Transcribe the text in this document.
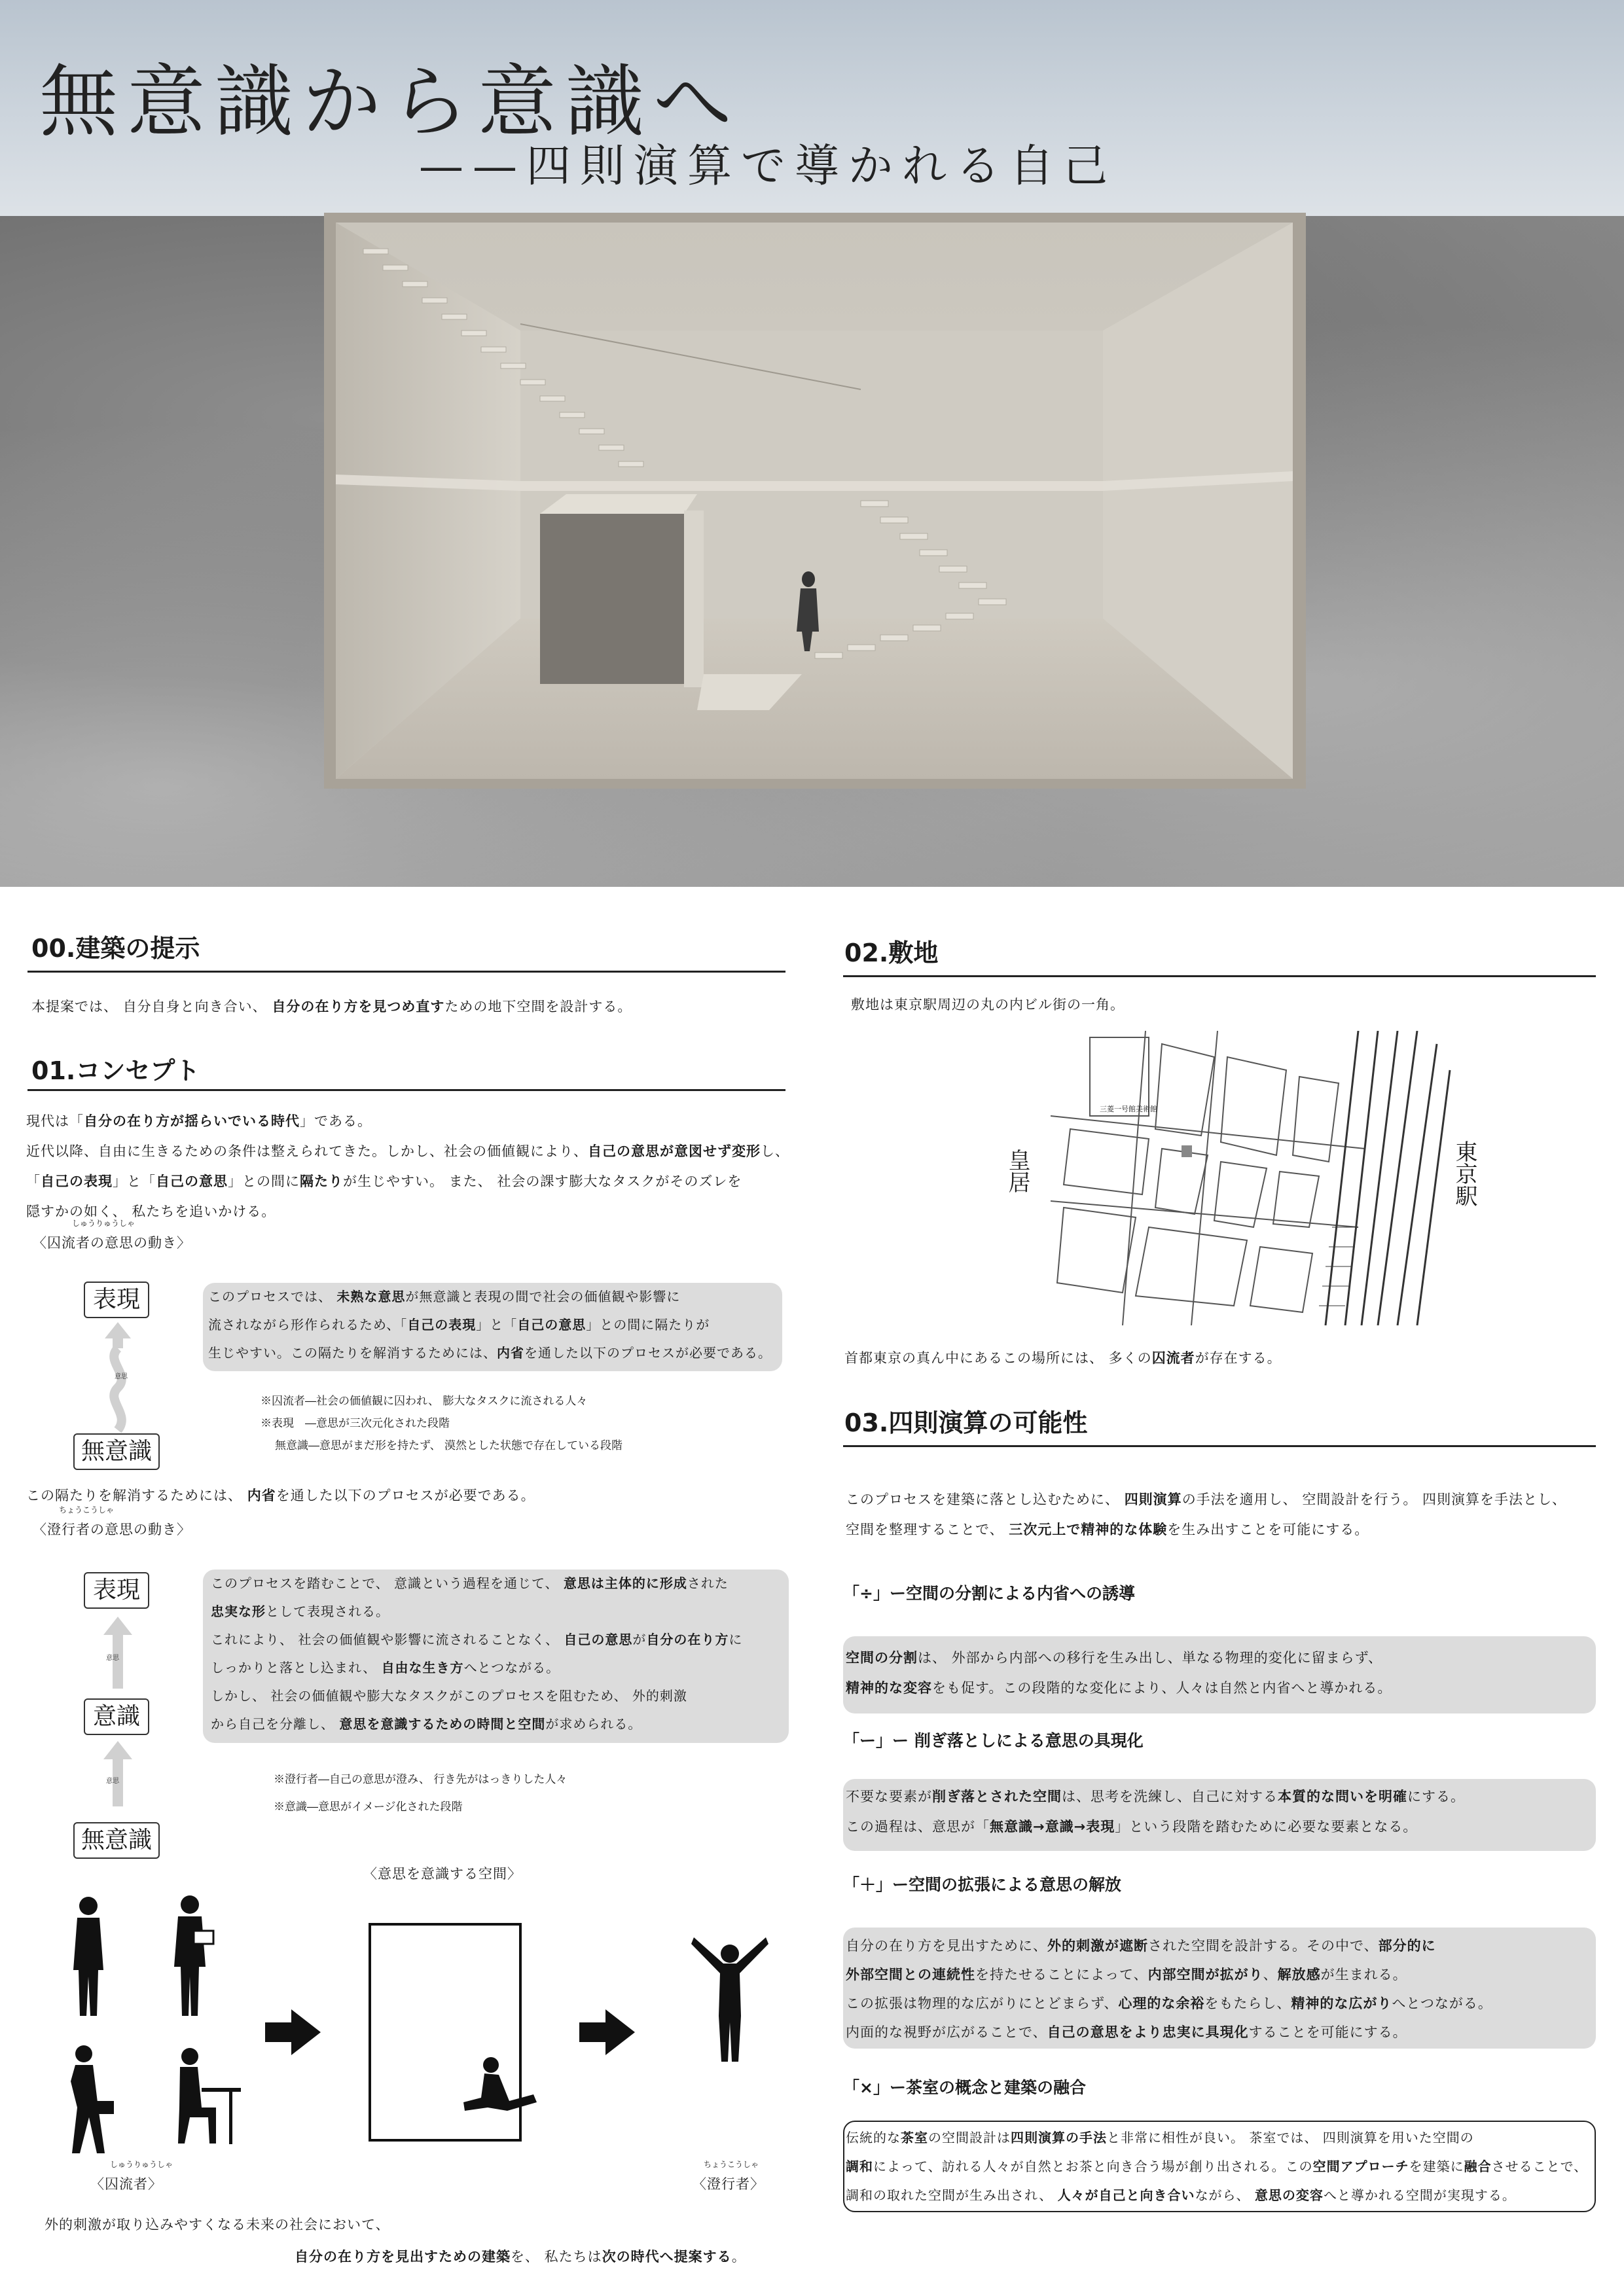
無意識から意識へ
——四則演算で導かれる自己
00.建築の提示
本提案では、 自分自身と向き合い、 自分の在り方を見つめ直すための地下空間を設計する。
01.コンセプト
現代は「自分の在り方が揺らいでいる時代」である。
近代以降、自由に生きるための条件は整えられてきた。しかし、社会の価値観により、自己の意思が意図せず変形し、
「自己の表現」と「自己の意思」との間に隔たりが生じやすい。 また、 社会の課す膨大なタスクがそのズレを
隠すかの如く、 私たちを追いかける。
しゅうりゅうしゃ
〈囚流者の意思の動き〉
表現
意思
無意識
このプロセスでは、 未熟な意思が無意識と表現の間で社会の価値観や影響に
流されながら形作られるため、「自己の表現」と「自己の意思」との間に隔たりが
生じやすい。この隔たりを解消するためには、内省を通した以下のプロセスが必要である。
※囚流者―社会の価値観に囚われ、 膨大なタスクに流される人々
※表現　―意思が三次元化された段階
無意識―意思がまだ形を持たず、 漠然とした状態で存在している段階
この隔たりを解消するためには、 内省を通した以下のプロセスが必要である。
ちょうこうしゃ
〈澄行者の意思の動き〉
表現
意思
意識
意思
無意識
このプロセスを踏むことで、 意識という過程を通じて、 意思は主体的に形成された
忠実な形として表現される。
これにより、 社会の価値観や影響に流されることなく、 自己の意思が自分の在り方に
しっかりと落とし込まれ、 自由な生き方へとつながる。
しかし、 社会の価値観や膨大なタスクがこのプロセスを阻むため、 外的刺激
から自己を分離し、 意思を意識するための時間と空間が求められる。
※澄行者―自己の意思が澄み、 行き先がはっきりした人々
※意識―意思がイメージ化された段階
〈意思を意識する空間〉
しゅうりゅうしゃ
〈囚流者〉
ちょうこうしゃ
〈澄行者〉
外的刺激が取り込みやすくなる未来の社会において、
自分の在り方を見出すための建築を、 私たちは次の時代へ提案する。
02.敷地
敷地は東京駅周辺の丸の内ビル街の一角。
三菱一号館美術館
皇居	東京駅
首都東京の真ん中にあるこの場所には、 多くの囚流者が存在する。
03.四則演算の可能性
このプロセスを建築に落とし込むために、 四則演算の手法を適用し、 空間設計を行う。 四則演算を手法とし、
空間を整理することで、 三次元上で精神的な体験を生み出すことを可能にする。
「÷」ー空間の分割による内省への誘導
空間の分割は、 外部から内部への移行を生み出し、単なる物理的変化に留まらず、
精神的な変容をも促す。この段階的な変化により、人々は自然と内省へと導かれる。
「ー」ー 削ぎ落としによる意思の具現化
不要な要素が削ぎ落とされた空間は、思考を洗練し、自己に対する本質的な問いを明確にする。
この過程は、意思が「無意識→意識→表現」という段階を踏むために必要な要素となる。
「＋」ー空間の拡張による意思の解放
自分の在り方を見出すために、外的刺激が遮断された空間を設計する。その中で、部分的に
外部空間との連続性を持たせることによって、内部空間が拡がり、解放感が生まれる。
この拡張は物理的な広がりにとどまらず、心理的な余裕をもたらし、精神的な広がりへとつながる。
内面的な視野が広がることで、自己の意思をより忠実に具現化することを可能にする。
「×」ー茶室の概念と建築の融合
伝統的な茶室の空間設計は四則演算の手法と非常に相性が良い。 茶室では、 四則演算を用いた空間の
調和によって、訪れる人々が自然とお茶と向き合う場が創り出される。この空間アプローチを建築に融合させることで、
調和の取れた空間が生み出され、 人々が自己と向き合いながら、 意思の変容へと導かれる空間が実現する。
